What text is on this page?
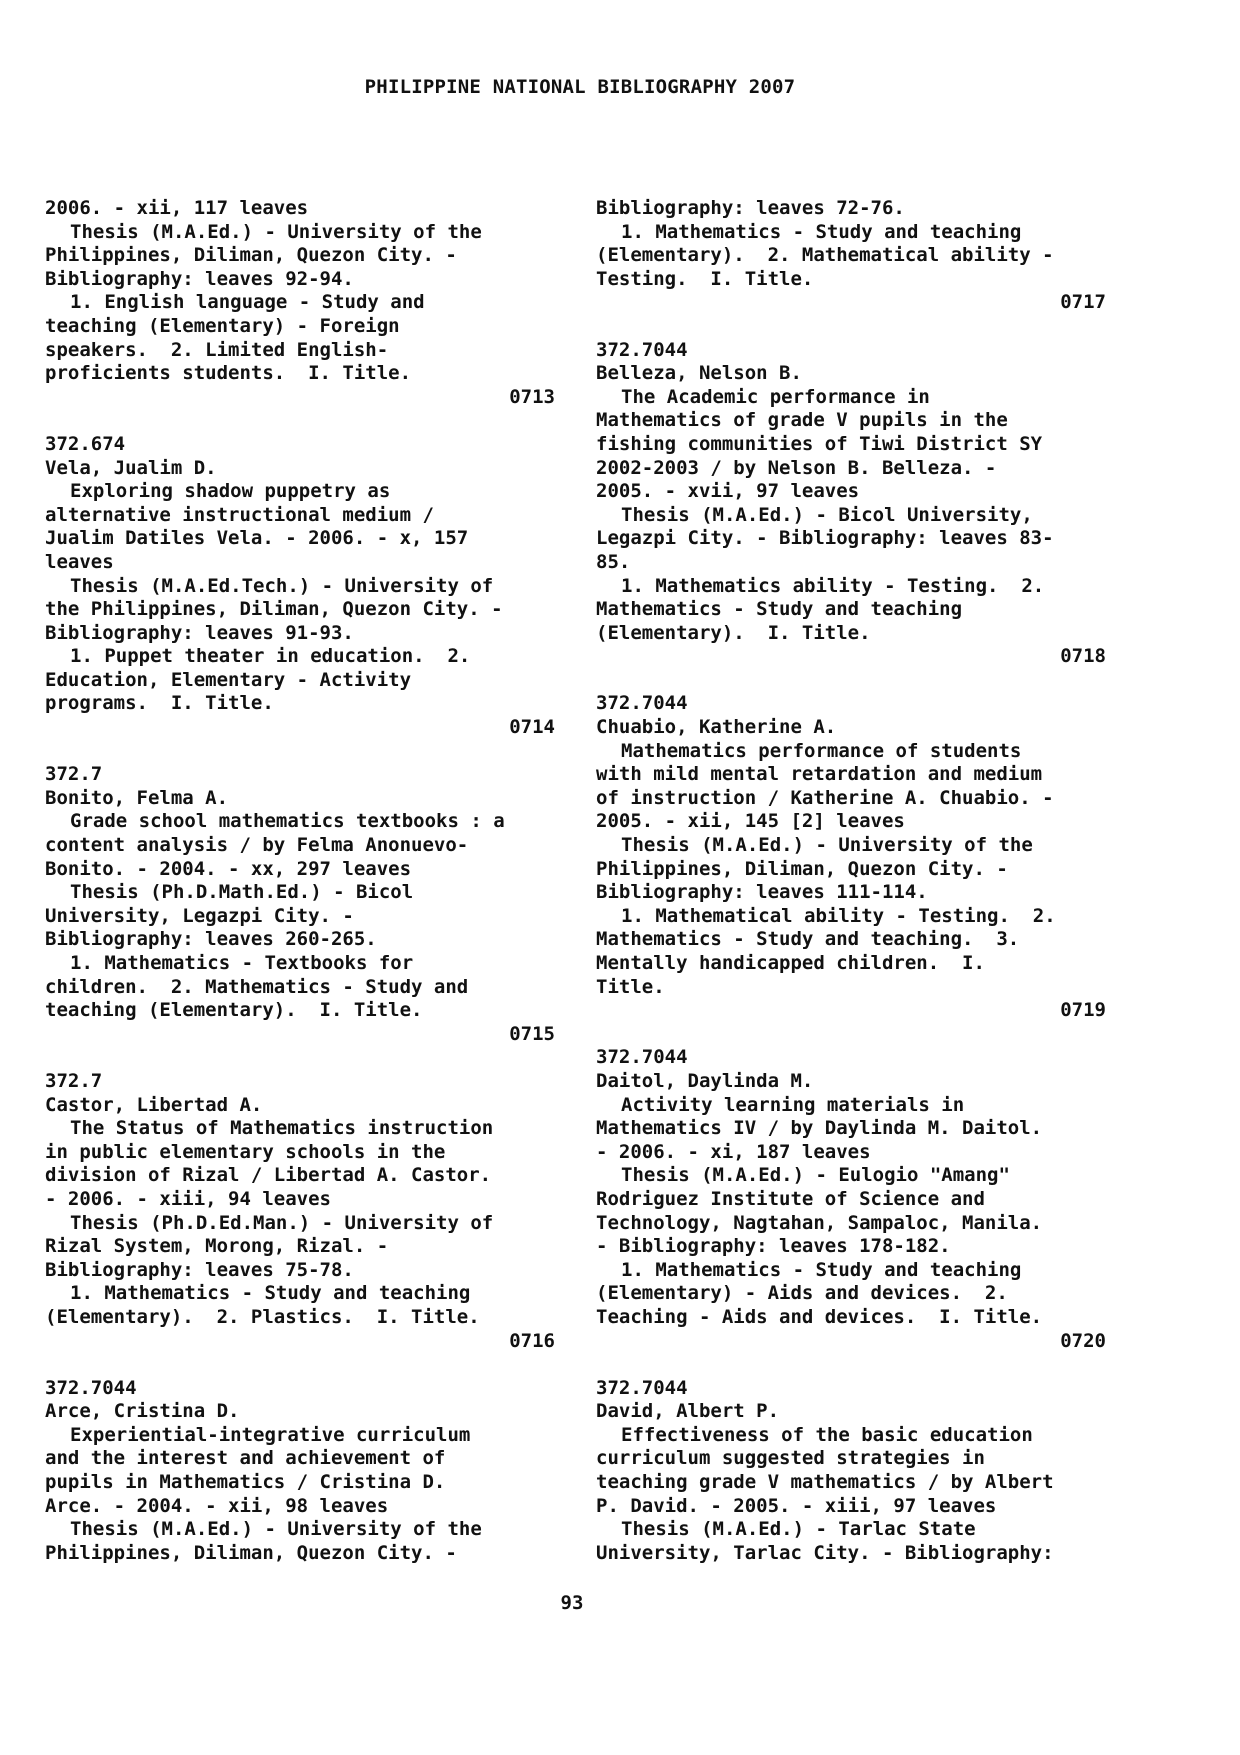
PHILIPPINE NATIONAL BIBLIOGRAPHY 2007
2006. - xii, 117 leaves
Thesis (M.A.Ed.) - University of the
Philippines, Diliman, Quezon City. -
Bibliography: leaves 92-94.
1. English language - Study and
teaching (Elementary) - Foreign
speakers.  2. Limited English-
proficients students.  I. Title.
0713
372.674
Vela, Jualim D.
Exploring shadow puppetry as
alternative instructional medium /
Jualim Datiles Vela. - 2006. - x, 157
leaves
Thesis (M.A.Ed.Tech.) - University of
the Philippines, Diliman, Quezon City. -
Bibliography: leaves 91-93.
1. Puppet theater in education.  2.
Education, Elementary - Activity
programs.  I. Title.
0714
372.7
Bonito, Felma A.
Grade school mathematics textbooks : a
content analysis / by Felma Anonuevo-
Bonito. - 2004. - xx, 297 leaves
Thesis (Ph.D.Math.Ed.) - Bicol
University, Legazpi City. -
Bibliography: leaves 260-265.
1. Mathematics - Textbooks for
children.  2. Mathematics - Study and
teaching (Elementary).  I. Title.
0715
372.7
Castor, Libertad A.
The Status of Mathematics instruction
in public elementary schools in the
division of Rizal / Libertad A. Castor.
- 2006. - xiii, 94 leaves
Thesis (Ph.D.Ed.Man.) - University of
Rizal System, Morong, Rizal. -
Bibliography: leaves 75-78.
1. Mathematics - Study and teaching
(Elementary).  2. Plastics.  I. Title.
0716
372.7044
Arce, Cristina D.
Experiential-integrative curriculum
and the interest and achievement of
pupils in Mathematics / Cristina D.
Arce. - 2004. - xii, 98 leaves
Thesis (M.A.Ed.) - University of the
Philippines, Diliman, Quezon City. -
Bibliography: leaves 72-76.
1. Mathematics - Study and teaching
(Elementary).  2. Mathematical ability -
Testing.  I. Title.
0717
372.7044
Belleza, Nelson B.
The Academic performance in
Mathematics of grade V pupils in the
fishing communities of Tiwi District SY
2002-2003 / by Nelson B. Belleza. -
2005. - xvii, 97 leaves
Thesis (M.A.Ed.) - Bicol University,
Legazpi City. - Bibliography: leaves 83-
85.
1. Mathematics ability - Testing.  2.
Mathematics - Study and teaching
(Elementary).  I. Title.
0718
372.7044
Chuabio, Katherine A.
Mathematics performance of students
with mild mental retardation and medium
of instruction / Katherine A. Chuabio. -
2005. - xii, 145 [2] leaves
Thesis (M.A.Ed.) - University of the
Philippines, Diliman, Quezon City. -
Bibliography: leaves 111-114.
1. Mathematical ability - Testing.  2.
Mathematics - Study and teaching.  3.
Mentally handicapped children.  I.
Title.
0719
372.7044
Daitol, Daylinda M.
Activity learning materials in
Mathematics IV / by Daylinda M. Daitol.
- 2006. - xi, 187 leaves
Thesis (M.A.Ed.) - Eulogio "Amang"
Rodriguez Institute of Science and
Technology, Nagtahan, Sampaloc, Manila.
- Bibliography: leaves 178-182.
1. Mathematics - Study and teaching
(Elementary) - Aids and devices.  2.
Teaching - Aids and devices.  I. Title.
0720
372.7044
David, Albert P.
Effectiveness of the basic education
curriculum suggested strategies in
teaching grade V mathematics / by Albert
P. David. - 2005. - xiii, 97 leaves
Thesis (M.A.Ed.) - Tarlac State
University, Tarlac City. - Bibliography:
93
